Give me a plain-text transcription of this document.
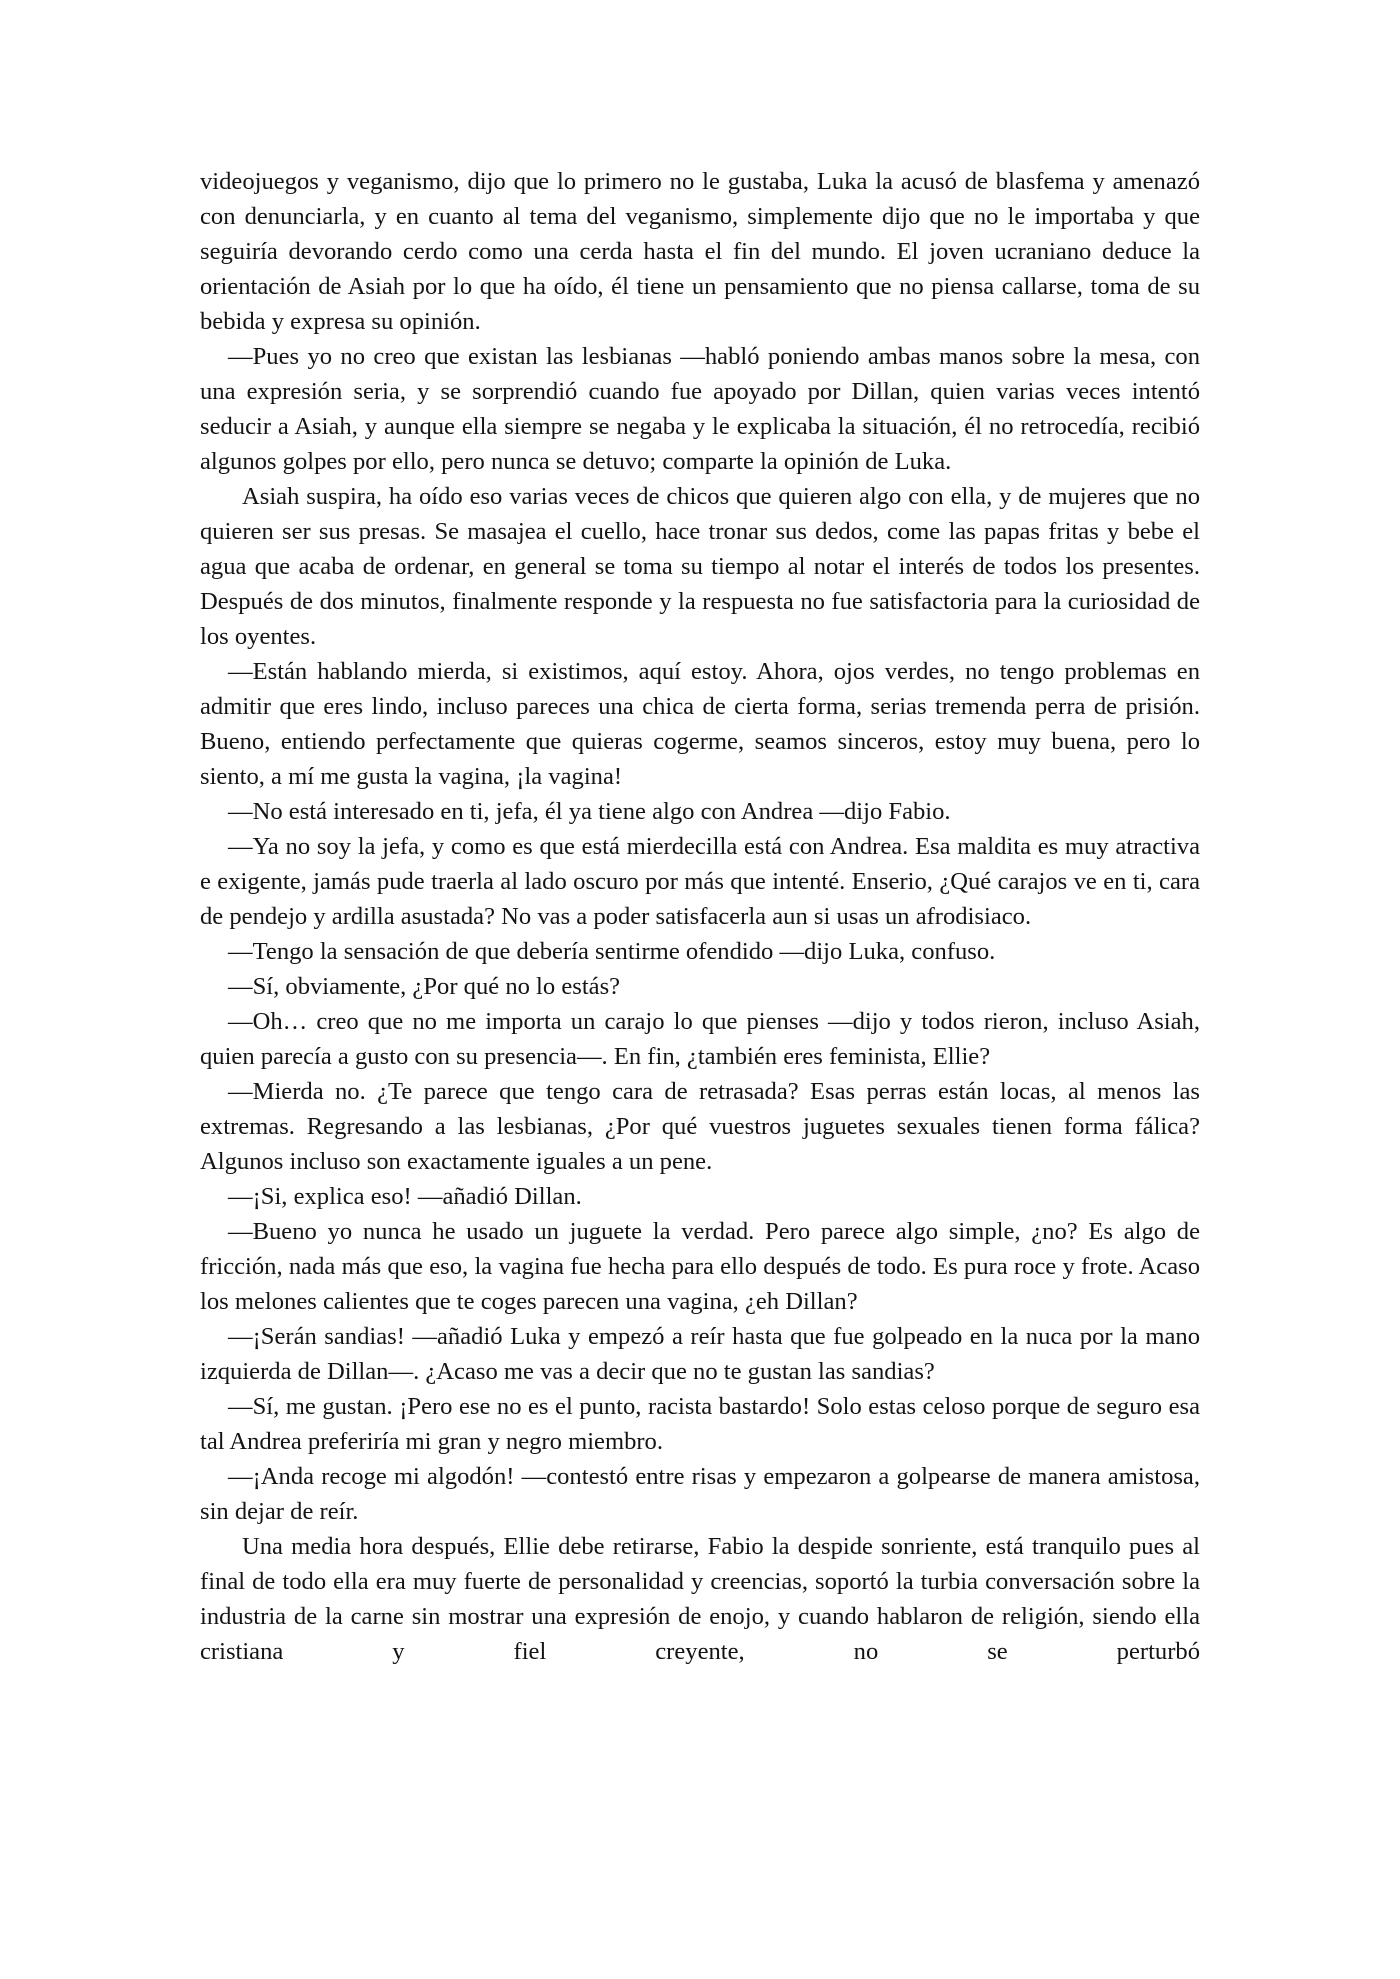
videojuegos y veganismo, dijo que lo primero no le gustaba, Luka la acusó de blasfema y amenazó con denunciarla, y en cuanto al tema del veganismo, simplemente dijo que no le importaba y que seguiría devorando cerdo como una cerda hasta el fin del mundo. El joven ucraniano deduce la orientación de Asiah por lo que ha oído, él tiene un pensamiento que no piensa callarse, toma de su bebida y expresa su opinión.

—Pues yo no creo que existan las lesbianas —habló poniendo ambas manos sobre la mesa, con una expresión seria, y se sorprendió cuando fue apoyado por Dillan, quien varias veces intentó seducir a Asiah, y aunque ella siempre se negaba y le explicaba la situación, él no retrocedía, recibió algunos golpes por ello, pero nunca se detuvo; comparte la opinión de Luka.

Asiah suspira, ha oído eso varias veces de chicos que quieren algo con ella, y de mujeres que no quieren ser sus presas. Se masajea el cuello, hace tronar sus dedos, come las papas fritas y bebe el agua que acaba de ordenar, en general se toma su tiempo al notar el interés de todos los presentes. Después de dos minutos, finalmente responde y la respuesta no fue satisfactoria para la curiosidad de los oyentes.

—Están hablando mierda, si existimos, aquí estoy. Ahora, ojos verdes, no tengo problemas en admitir que eres lindo, incluso pareces una chica de cierta forma, serias tremenda perra de prisión. Bueno, entiendo perfectamente que quieras cogerme, seamos sinceros, estoy muy buena, pero lo siento, a mí me gusta la vagina, ¡la vagina!

—No está interesado en ti, jefa, él ya tiene algo con Andrea —dijo Fabio.

—Ya no soy la jefa, y como es que está mierdecilla está con Andrea. Esa maldita es muy atractiva e exigente, jamás pude traerla al lado oscuro por más que intenté. Enserio, ¿Qué carajos ve en ti, cara de pendejo y ardilla asustada? No vas a poder satisfacerla aun si usas un afrodisiaco.

—Tengo la sensación de que debería sentirme ofendido —dijo Luka, confuso.

—Sí, obviamente, ¿Por qué no lo estás?

—Oh… creo que no me importa un carajo lo que pienses —dijo y todos rieron, incluso Asiah, quien parecía a gusto con su presencia—. En fin, ¿también eres feminista, Ellie?

—Mierda no. ¿Te parece que tengo cara de retrasada? Esas perras están locas, al menos las extremas. Regresando a las lesbianas, ¿Por qué vuestros juguetes sexuales tienen forma fálica? Algunos incluso son exactamente iguales a un pene.

—¡Si, explica eso! —añadió Dillan.

—Bueno yo nunca he usado un juguete la verdad. Pero parece algo simple, ¿no? Es algo de fricción, nada más que eso, la vagina fue hecha para ello después de todo. Es pura roce y frote. Acaso los melones calientes que te coges parecen una vagina, ¿eh Dillan?

—¡Serán sandias! —añadió Luka y empezó a reír hasta que fue golpeado en la nuca por la mano izquierda de Dillan—. ¿Acaso me vas a decir que no te gustan las sandias?

—Sí, me gustan. ¡Pero ese no es el punto, racista bastardo! Solo estas celoso porque de seguro esa tal Andrea preferiría mi gran y negro miembro.

—¡Anda recoge mi algodón! —contestó entre risas y empezaron a golpearse de manera amistosa, sin dejar de reír.

Una media hora después, Ellie debe retirarse, Fabio la despide sonriente, está tranquilo pues al final de todo ella era muy fuerte de personalidad y creencias, soportó la turbia conversación sobre la industria de la carne sin mostrar una expresión de enojo, y cuando hablaron de religión, siendo ella cristiana y fiel creyente, no se perturbó
